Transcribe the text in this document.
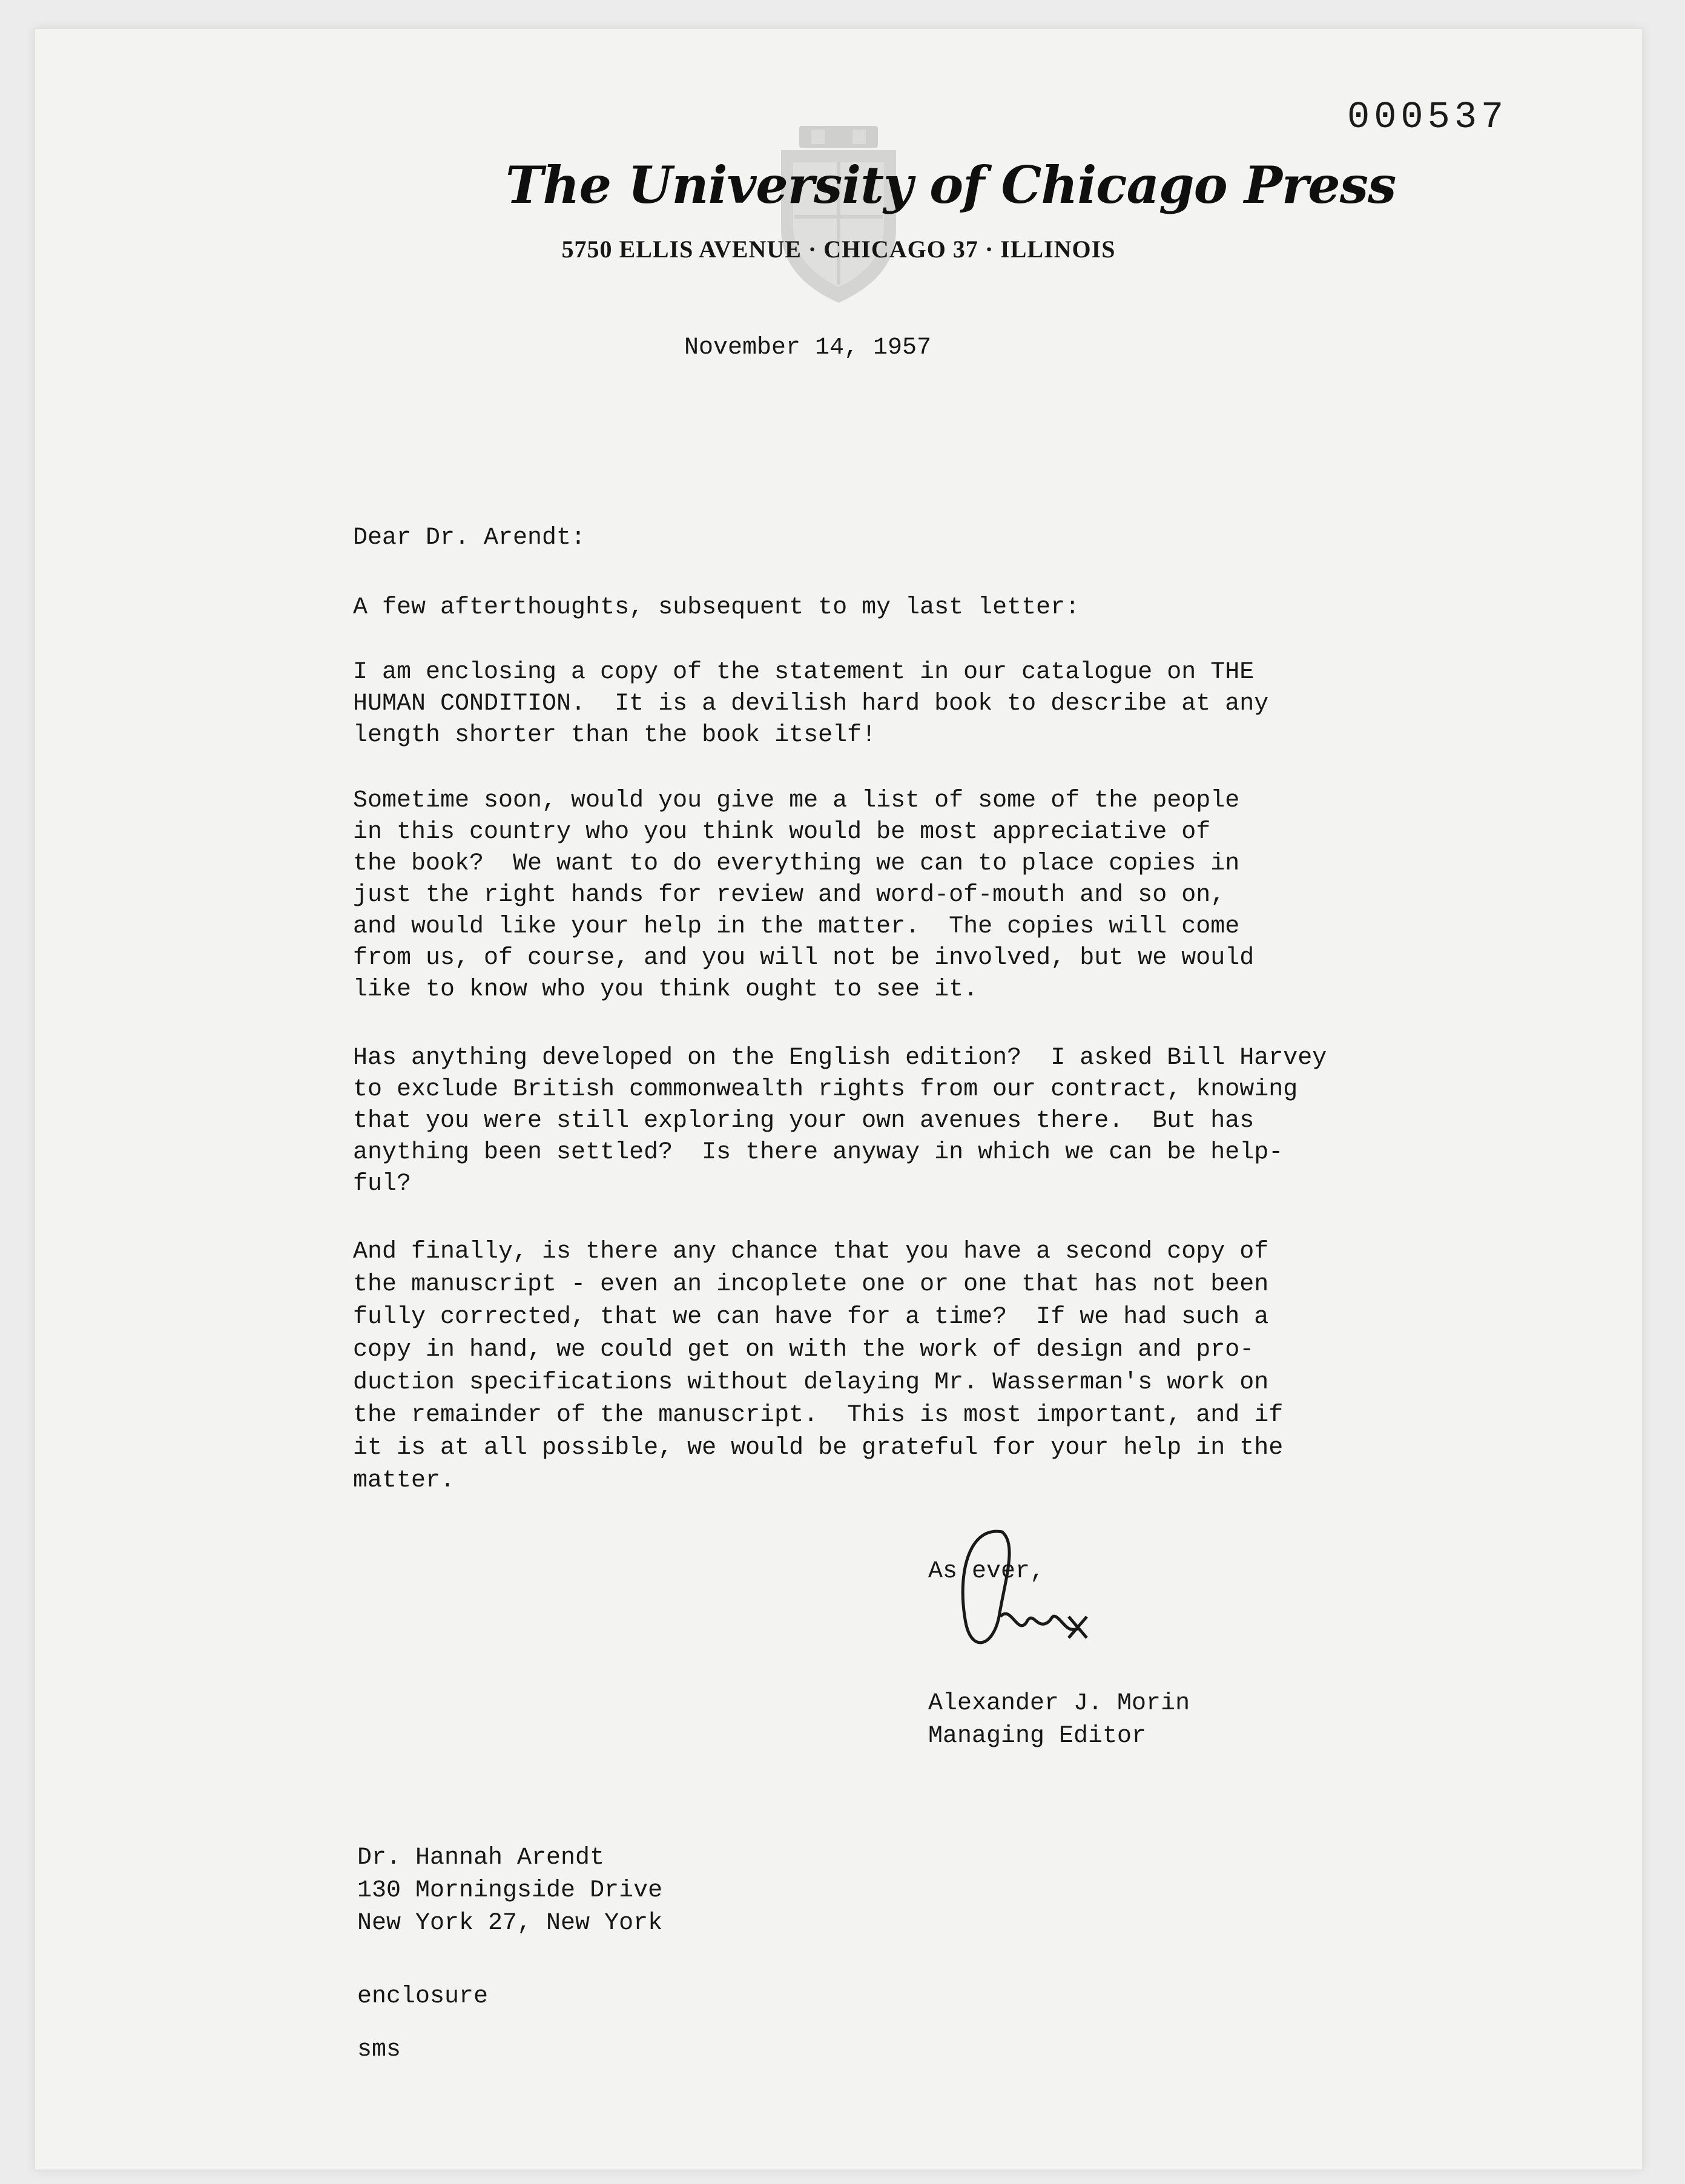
000537
The University of Chicago Press
5750 ELLIS AVENUE · CHICAGO 37 · ILLINOIS

November 14, 1957

Dear Dr. Arendt:

A few afterthoughts, subsequent to my last letter:

I am enclosing a copy of the statement in our catalogue on THE
HUMAN CONDITION.  It is a devilish hard book to describe at any
length shorter than the book itself!

Sometime soon, would you give me a list of some of the people
in this country who you think would be most appreciative of
the book?  We want to do everything we can to place copies in
just the right hands for review and word-of-mouth and so on,
and would like your help in the matter.  The copies will come
from us, of course, and you will not be involved, but we would
like to know who you think ought to see it.

Has anything developed on the English edition?  I asked Bill Harvey
to exclude British commonwealth rights from our contract, knowing
that you were still exploring your own avenues there.  But has
anything been settled?  Is there anyway in which we can be help-
ful?

And finally, is there any chance that you have a second copy of
the manuscript - even an incoplete one or one that has not been
fully corrected, that we can have for a time?  If we had such a
copy in hand, we could get on with the work of design and pro-
duction specifications without delaying Mr. Wasserman's work on
the remainder of the manuscript.  This is most important, and if
it is at all possible, we would be grateful for your help in the
matter.

As ever,

Alexander J. Morin
Managing Editor

Dr. Hannah Arendt
130 Morningside Drive
New York 27, New York

enclosure

sms
